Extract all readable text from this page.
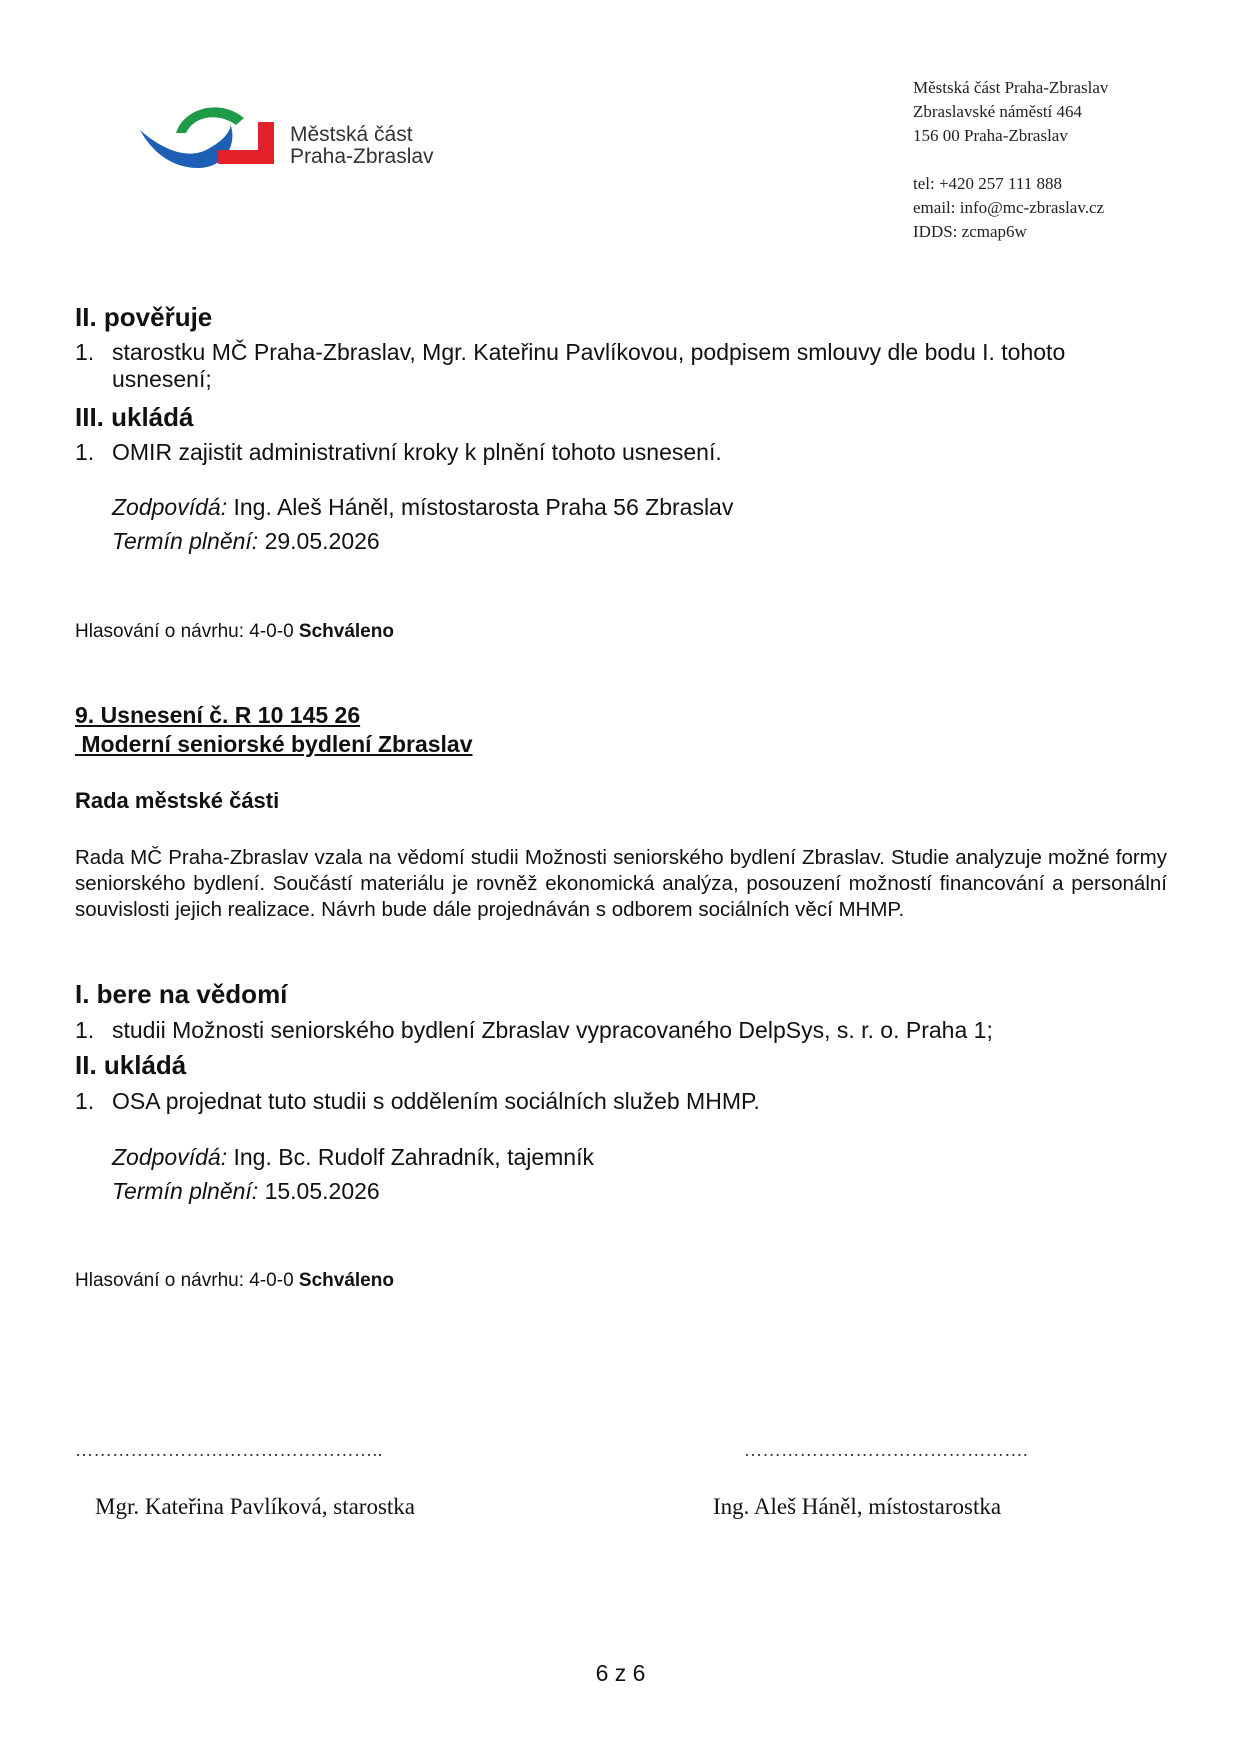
Městská část
Praha-Zbraslav
Městská část Praha-Zbraslav
Zbraslavské náměstí 464
156 00 Praha-Zbraslav
tel: +420 257 111 888
email: info@mc-zbraslav.cz
IDDS: zcmap6w
II. pověřuje
1. starostku MČ Praha-Zbraslav, Mgr. Kateřinu Pavlíkovou, podpisem smlouvy dle bodu I. tohoto usnesení;
III. ukládá
1. OMIR zajistit administrativní kroky k plnění tohoto usnesení.
Zodpovídá: Ing. Aleš Háněl, místostarosta Praha 56 Zbraslav
Termín plnění: 29.05.2026
Hlasování o návrhu: 4-0-0 Schváleno
9. Usnesení č. R 10 145 26
Moderní seniorské bydlení Zbraslav
Rada městské části
Rada MČ Praha-Zbraslav vzala na vědomí studii Možnosti seniorského bydlení Zbraslav. Studie analyzuje možné formy seniorského bydlení. Součástí materiálu je rovněž ekonomická analýza, posouzení možností financování a personální souvislosti jejich realizace. Návrh bude dále projednáván s odborem sociálních věcí MHMP.
I. bere na vědomí
1. studii Možnosti seniorského bydlení Zbraslav vypracovaného DelpSys, s. r. o. Praha 1;
II. ukládá
1. OSA projednat tuto studii s oddělením sociálních služeb MHMP.
Zodpovídá: Ing. Bc. Rudolf Zahradník, tajemník
Termín plnění: 15.05.2026
Hlasování o návrhu: 4-0-0 Schváleno
…………………………………………..	……………………………………….
Mgr. Kateřina Pavlíková, starostka	Ing. Aleš Háněl, místostarostka
6 z 6
